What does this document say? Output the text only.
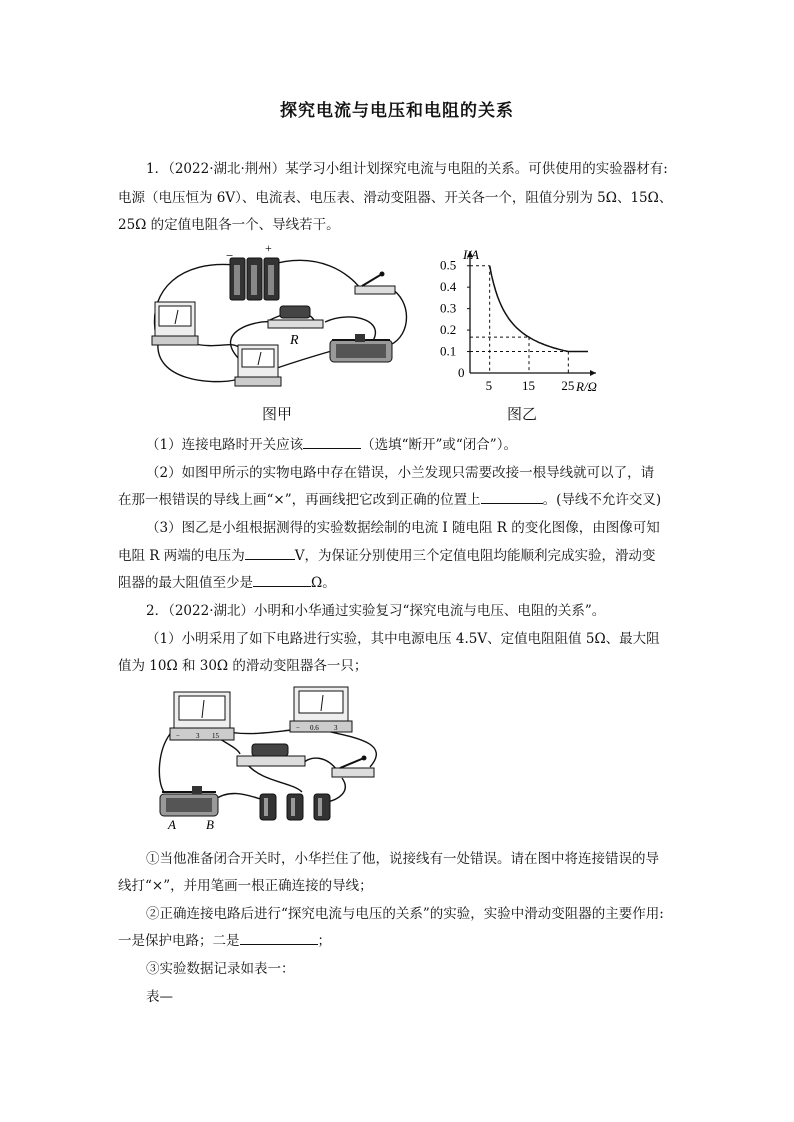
探究电流与电压和电阻的关系
1．（2022·湖北·荆州）某学习小组计划探究电流与电阻的关系。可供使用的实验器材有:
电源（电压恒为 6V）、电流表、电压表、滑动变阻器、开关各一个，阻值分别为 5Ω、15Ω、
25Ω 的定值电阻各一个、导线若干。
−	+
R
图甲
I/A
R/Ω
0
0.1
0.2
0.3
0.4
0.5
5 15 25
图乙
（1）连接电路时开关应该	（选填“断开”或“闭合”）。
（2）如图甲所示的实物电路中存在错误，小兰发现只需要改接一根导线就可以了，请
在那一根错误的导线上画“×”，再画线把它改到正确的位置上	。(导线不允许交叉)
（3）图乙是小组根据测得的实验数据绘制的电流 I 随电阻 R 的变化图像，由图像可知
电阻 R 两端的电压为	V，为保证分别使用三个定值电阻均能顺利完成实验，滑动变
阻器的最大阻值至少是	Ω。
2．（2022·湖北）小明和小华通过实验复习“探究电流与电压、电阻的关系”。
（1）小明采用了如下电路进行实验，其中电源电压 4.5V、定值电阻阻值 5Ω、最大阻
值为 10Ω 和 30Ω 的滑动变阻器各一只；
− 3 15
− 0.6 3
A B
①当他准备闭合开关时，小华拦住了他，说接线有一处错误。请在图中将连接错误的导
线打“×”，并用笔画一根正确连接的导线；
②正确连接电路后进行“探究电流与电压的关系”的实验，实验中滑动变阻器的主要作用:
一是保护电路；二是	；
③实验数据记录如表一：
表—
